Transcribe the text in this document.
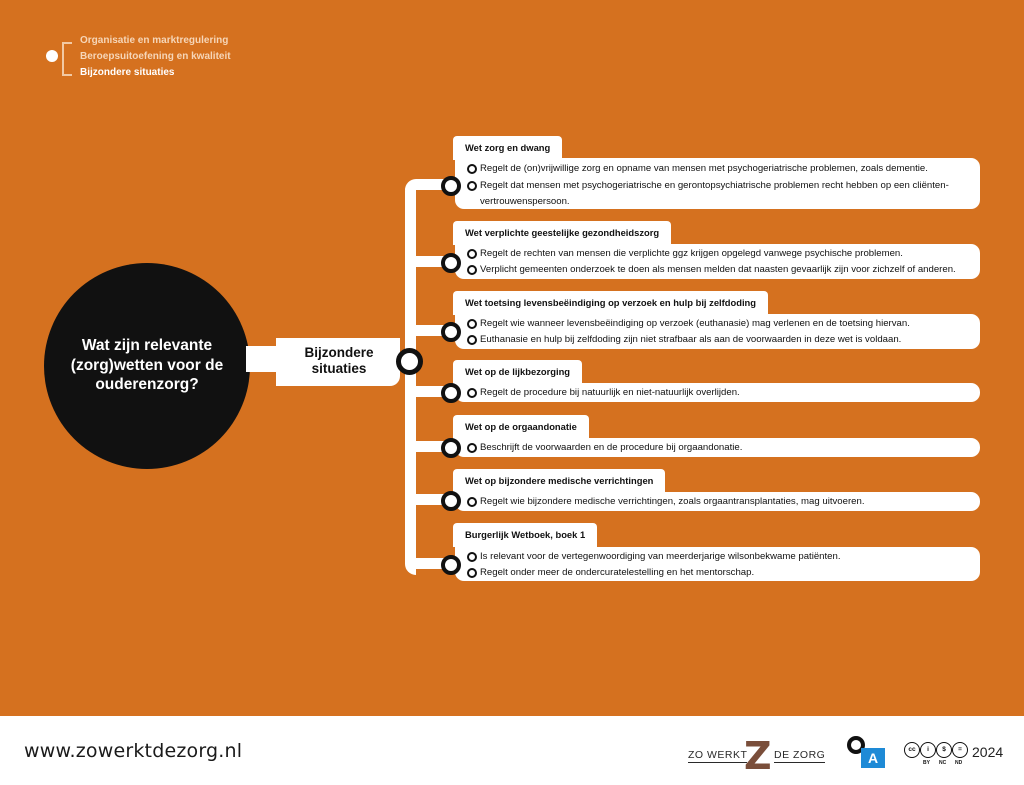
Organisatie en marktregulering
Beroepsuitoefening en kwaliteit
Bijzondere situaties
Wat zijn relevante (zorg)wetten voor de ouderenzorg?
Bijzondere situaties
Wet zorg en dwang
Regelt de (on)vrijwillige zorg en opname van mensen met psychogeriatrische problemen, zoals dementie.
Regelt dat mensen met psychogeriatrische en gerontopsychiatrische problemen recht hebben op een cliënten-vertrouwenspersoon.
Wet verplichte geestelijke gezondheidszorg
Regelt de rechten van mensen die verplichte ggz krijgen opgelegd vanwege psychische problemen.
Verplicht gemeenten onderzoek te doen als mensen melden dat naasten gevaarlijk zijn voor zichzelf of anderen.
Wet toetsing levensbeëindiging op verzoek en hulp bij zelfdoding
Regelt wie wanneer levensbeëindiging op verzoek (euthanasie) mag verlenen en de toetsing hiervan.
Euthanasie en hulp bij zelfdoding zijn niet strafbaar als aan de voorwaarden in deze wet is voldaan.
Wet op de lijkbezorging
Regelt de procedure bij natuurlijk en niet-natuurlijk overlijden.
Wet op de orgaandonatie
Beschrijft de voorwaarden en de procedure bij orgaandonatie.
Wet op bijzondere medische verrichtingen
Regelt wie bijzondere medische verrichtingen, zoals orgaantransplantaties, mag uitvoeren.
Burgerlijk Wetboek, boek 1
Is relevant voor de vertegenwoordiging van meerderjarige wilsonbekwame patiënten.
Regelt onder meer de ondercuratelestelling en het mentorschap.
www.zowerktdezorg.nl	ZO WERKT
Z DE ZORG	A
cc	i	$	=
BY NC ND
2024
